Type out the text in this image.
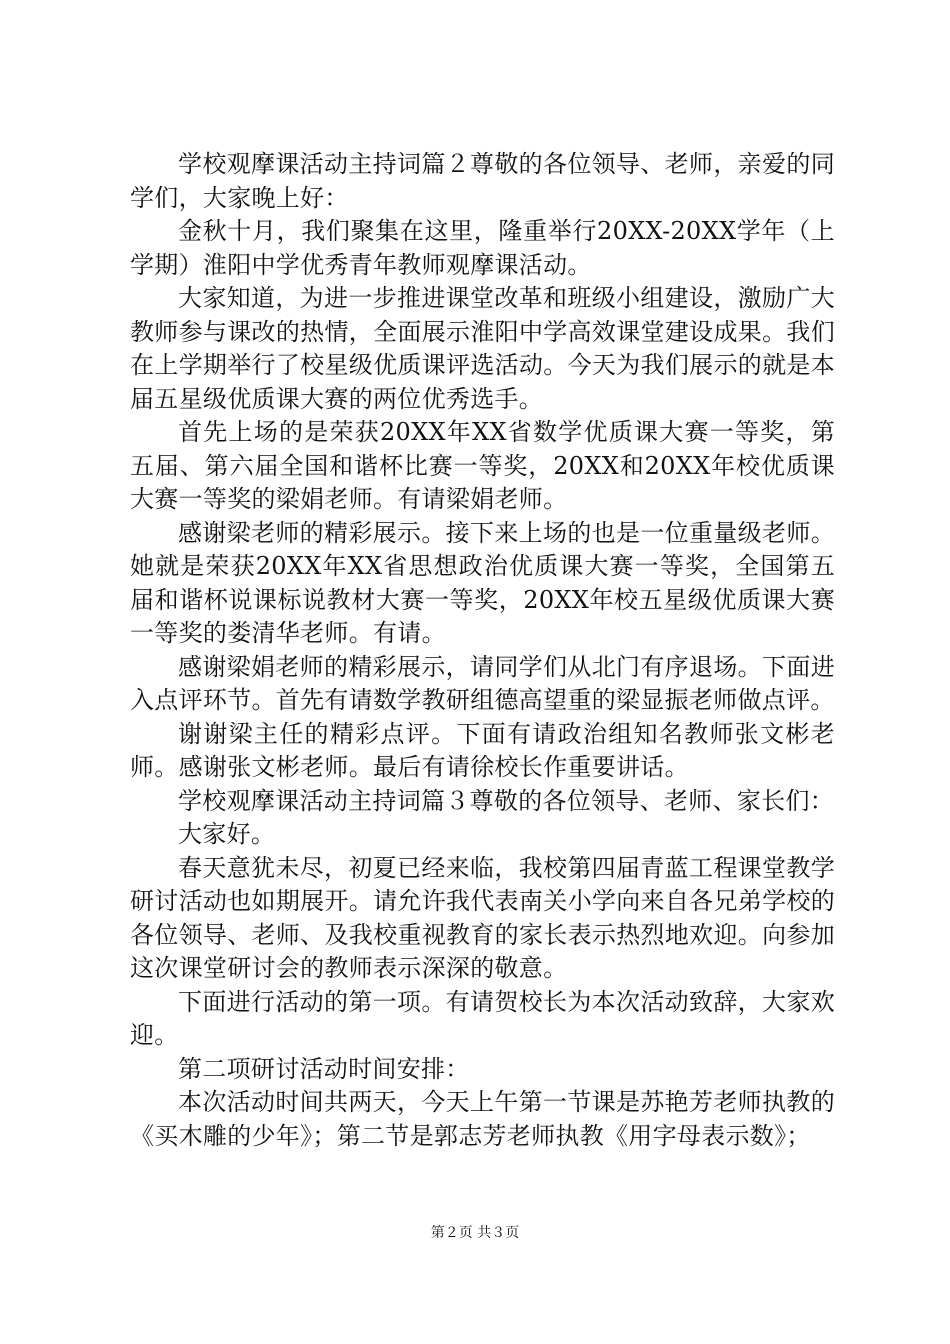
学校观摩课活动主持词篇２尊敬的各位领导、老师，亲爱的同学们，大家晚上好：

金秋十月，我们聚集在这里，隆重举行20XX-20XX学年（上学期）淮阳中学优秀青年教师观摩课活动。

大家知道，为进一步推进课堂改革和班级小组建设，激励广大教师参与课改的热情，全面展示淮阳中学高效课堂建设成果。我们在上学期举行了校星级优质课评选活动。今天为我们展示的就是本届五星级优质课大赛的两位优秀选手。

首先上场的是荣获20XX年XX省数学优质课大赛一等奖，第五届、第六届全国和谐杯比赛一等奖，20XX和20XX年校优质课大赛一等奖的梁娟老师。有请梁娟老师。

感谢梁老师的精彩展示。接下来上场的也是一位重量级老师。她就是荣获20XX年XX省思想政治优质课大赛一等奖，全国第五届和谐杯说课标说教材大赛一等奖，20XX年校五星级优质课大赛一等奖的娄清华老师。有请。

感谢梁娟老师的精彩展示，请同学们从北门有序退场。下面进入点评环节。首先有请数学教研组德高望重的梁显振老师做点评。

谢谢梁主任的精彩点评。下面有请政治组知名教师张文彬老师。感谢张文彬老师。最后有请徐校长作重要讲话。

学校观摩课活动主持词篇３尊敬的各位领导、老师、家长们：

大家好。

春天意犹未尽，初夏已经来临，我校第四届青蓝工程课堂教学研讨活动也如期展开。请允许我代表南关小学向来自各兄弟学校的各位领导、老师、及我校重视教育的家长表示热烈地欢迎。向参加这次课堂研讨会的教师表示深深的敬意。

下面进行活动的第一项。有请贺校长为本次活动致辞，大家欢迎。

第二项研讨活动时间安排：

本次活动时间共两天，今天上午第一节课是苏艳芳老师执教的《买木雕的少年》；第二节是郭志芳老师执教《用字母表示数》；

第２页 共３页
